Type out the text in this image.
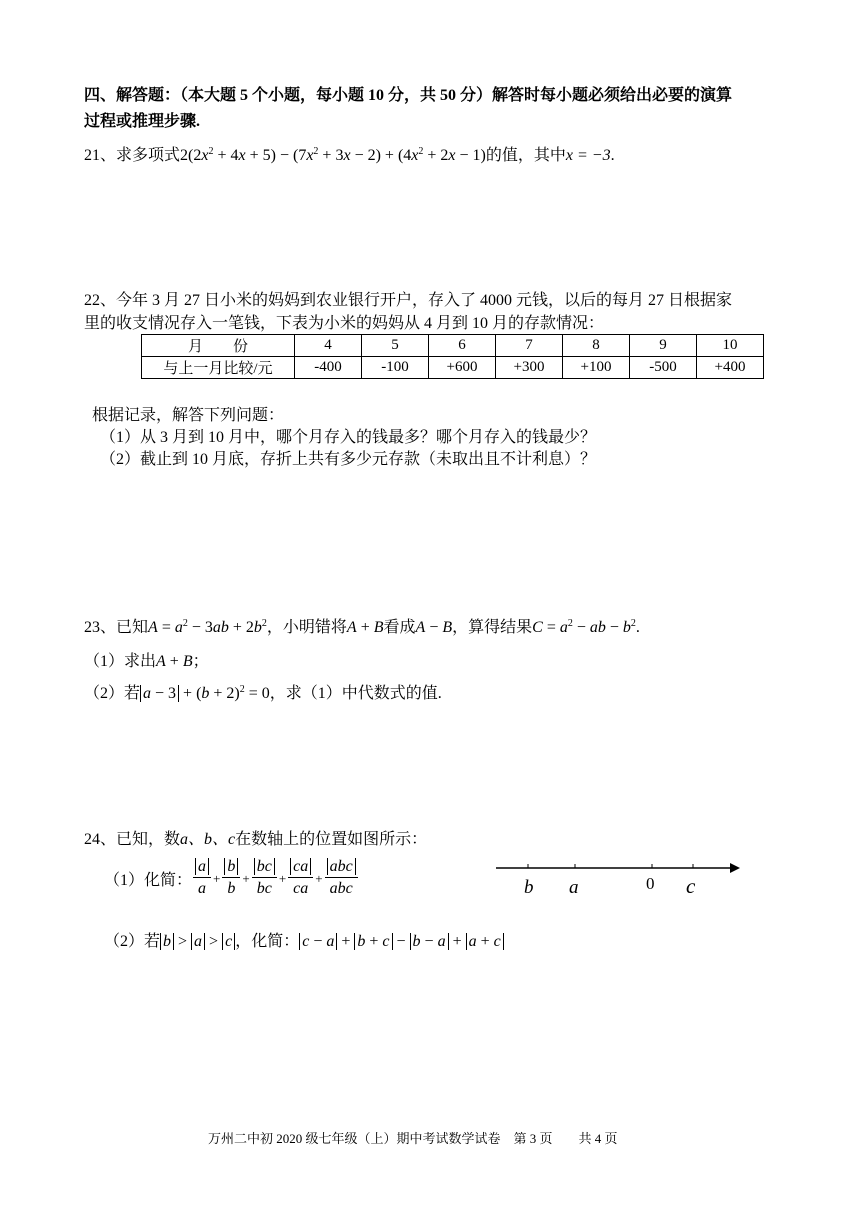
四、解答题：（本大题 5 个小题，每小题 10 分，共 50 分）解答时每小题必须给出必要的演算
过程或推理步骤.
21、求多项式$2(2x^2 + 4x + 5) - (7x^2 + 3x - 2) + (4x^2 + 2x - 1)$的值，其中x = −3.
22、今年 3 月 27 日小米的妈妈到农业银行开户，存入了 4000 元钱，以后的每月 27 日根据家
里的收支情况存入一笔钱，下表为小米的妈妈从 4 月到 10 月的存款情况：
月　　份	4	5	6	7	8	9	10
与上一月比较/元	-400	-100	+600	+300	+100	-500	+400
根据记录，解答下列问题：
（1）从 3 月到 10 月中，哪个月存入的钱最多？哪个月存入的钱最少？
（2）截止到 10 月底，存折上共有多少元存款（未取出且不计利息）？
23、已知$A = a^2 - 3ab + 2b^2$，小明错将A + B看成A − B，算得结果$C = a^2$ − ab − $b^2$.
（1）求出A + B；
（2）若 $a - 3 + (b + 2)^2 = 0$，求（1）中代数式的值.
24、已知，数a、b、c在数轴上的位置如图所示：
（1）化简： $\frac{a}{a} + \frac{b}{b} + \frac{bc}{bc} + \frac{ca}{ca} + \frac{\text{abc}}{\text{abc}}$	b a	0 c
（2）若 b > a > c ，化简： c − a + b + c − b − a + a + c
万州二中初 2020 级七年级（上）期中考试数学试卷　第 3 页　　共 4 页
